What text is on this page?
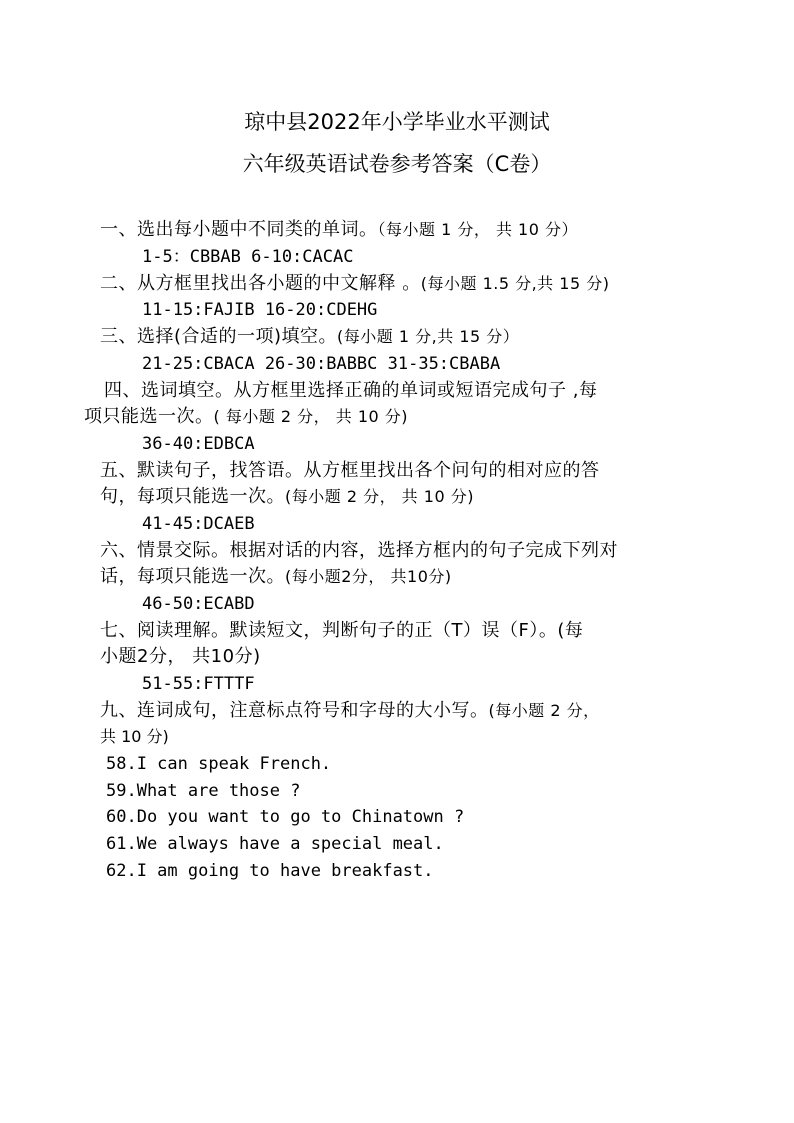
琼中县2022年小学毕业水平测试
六年级英语试卷参考答案（C卷）
一、选出每小题中不同类的单词。（每小题 1 分， 共 10 分）
1-5：CBBAB 6-10:CACAC
二、从方框里找出各小题的中文解释 。(每小题 1.5 分,共 15 分)
11-15:FAJIB 16-20:CDEHG
三、选择(合适的一项)填空。(每小题 1 分,共 15 分）
21-25:CBACA 26-30:BABBC 31-35:CBABA
四、选词填空。从方框里选择正确的单词或短语完成句子 ,每
项只能选一次。( 每小题 2 分， 共 10 分)
36-40:EDBCA
五、默读句子，找答语。从方框里找出各个问句的相对应的答
句，每项只能选一次。(每小题 2 分， 共 10 分)
41-45:DCAEB
六、情景交际。根据对话的内容，选择方框内的句子完成下列对
话，每项只能选一次。(每小题2分， 共10分)
46-50:ECABD
七、阅读理解。默读短文，判断句子的正（T）误（F）。(每
小题2分， 共10分)
51-55:FTTTF
九、连词成句，注意标点符号和字母的大小写。(每小题 2 分，
共 10 分)
58.I can speak French.
59.What are those ?
60.Do you want to go to Chinatown ?
61.We always have a special meal.
62.I am going to have breakfast.
